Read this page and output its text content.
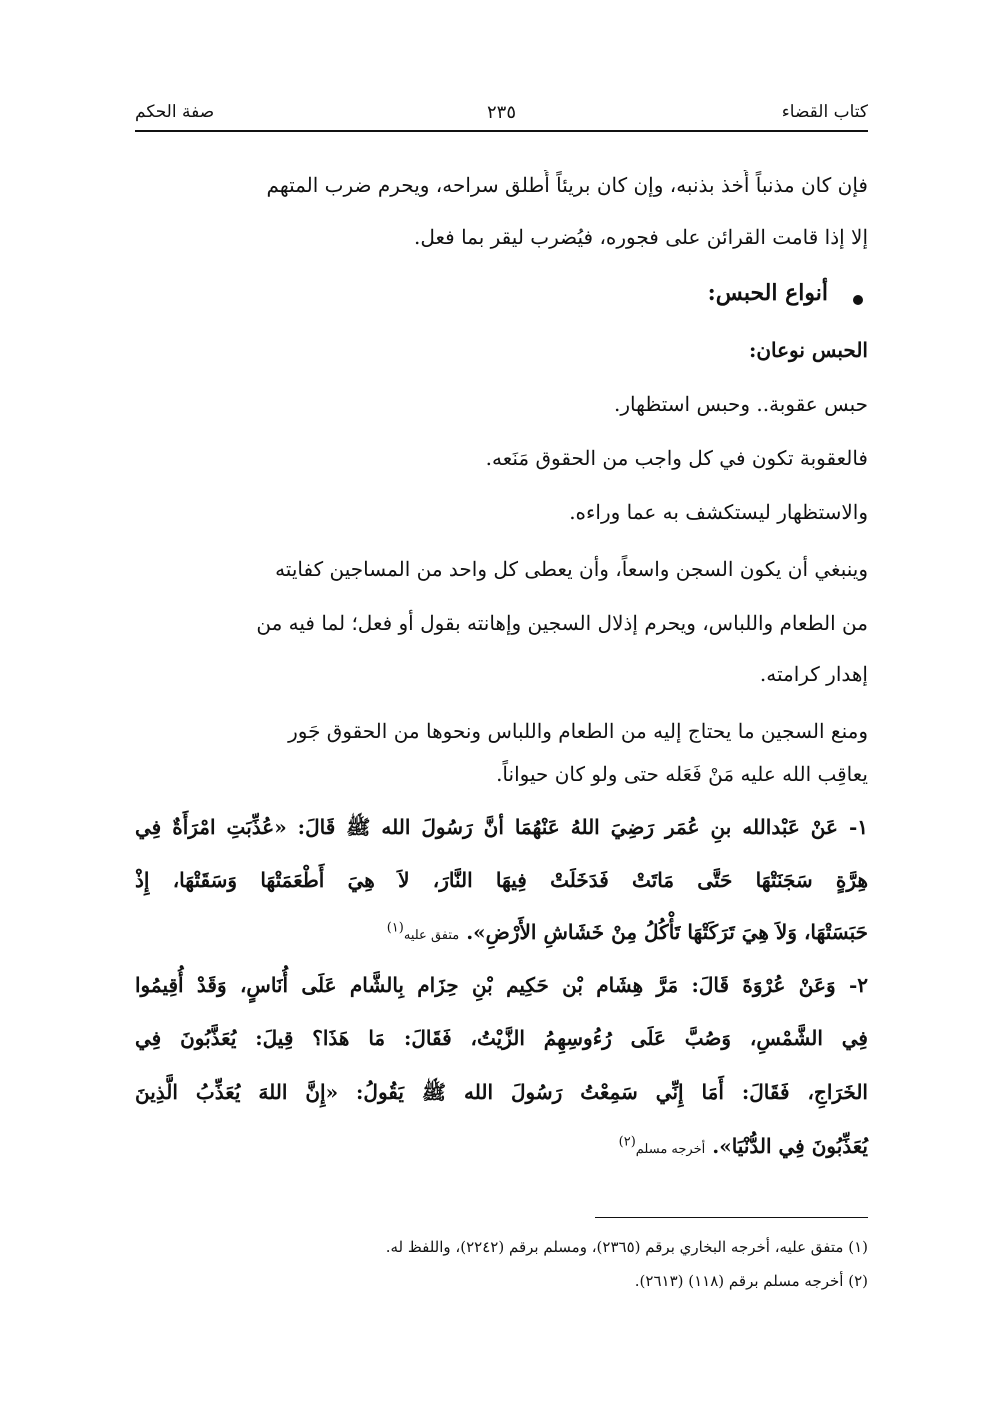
كتاب القضاء
٢٣٥
صفة الحكم
فإن كان مذنباً أُخذ بذنبه، وإن كان بريئاً أُطلق سراحه، ويحرم ضرب المتهم
إلا إذا قامت القرائن على فجوره، فيُضرب ليقر بما فعل.
أنواع الحبس:
الحبس نوعان:
حبس عقوبة.. وحبس استظهار.
فالعقوبة تكون في كل واجب من الحقوق مَنَعه.
والاستظهار ليستكشف به عما وراءه.
وينبغي أن يكون السجن واسعاً، وأن يعطى كل واحد من المساجين كفايته
من الطعام واللباس، ويحرم إذلال السجين وإهانته بقول أو فعل؛ لما فيه من
إهدار كرامته.
ومنع السجين ما يحتاج إليه من الطعام واللباس ونحوها من الحقوق جَور
يعاقِب الله عليه مَنْ فَعَله حتى ولو كان حيواناً.
١- عَنْ عَبْدالله بنِ عُمَر رَضِيَ اللهُ عَنْهُمَا أنَّ رَسُولَ الله ﷺ قَالَ: «عُذِّبَتِ امْرَأَةٌ فِي
هِرَّةٍ سَجَنَتْهَا حَتَّى مَاتَتْ فَدَخَلَتْ فِيهَا النَّارَ، لاَ هِيَ أَطْعَمَتْهَا وَسَقَتْهَا، إِذْ
حَبَسَتْهَا، وَلاَ هِيَ تَرَكَتْهَا تَأْكُلُ مِنْ خَشَاشِ الأَرْضِ». متفق عليه$^{(١)}$
٢- وَعَنْ عُرْوَةَ قَالَ: مَرَّ هِشَام بْن حَكِيم بْنِ حِزَام بِالشَّام عَلَى أُنَاسٍ، وَقَدْ أُقِيمُوا
فِي الشَّمْسِ، وَصُبَّ عَلَى رُءُوسِهِمُ الزَّيْتُ، فَقَالَ: مَا هَذَا؟ قِيلَ: يُعَذَّبُونَ فِي
الخَرَاجِ، فَقَالَ: أَمَا إِنِّي سَمِعْتُ رَسُولَ الله ﷺ يَقُولُ: «إِنَّ اللهَ يُعَذِّبُ الَّذِينَ
يُعَذِّبُونَ فِي الدُّنْيَا». أخرجه مسلم$^{(٢)}$
(١) متفق عليه، أخرجه البخاري برقم (٢٣٦٥)، ومسلم برقم (٢٢٤٢)، واللفظ له.
(٢) أخرجه مسلم برقم (١١٨) (٢٦١٣).
